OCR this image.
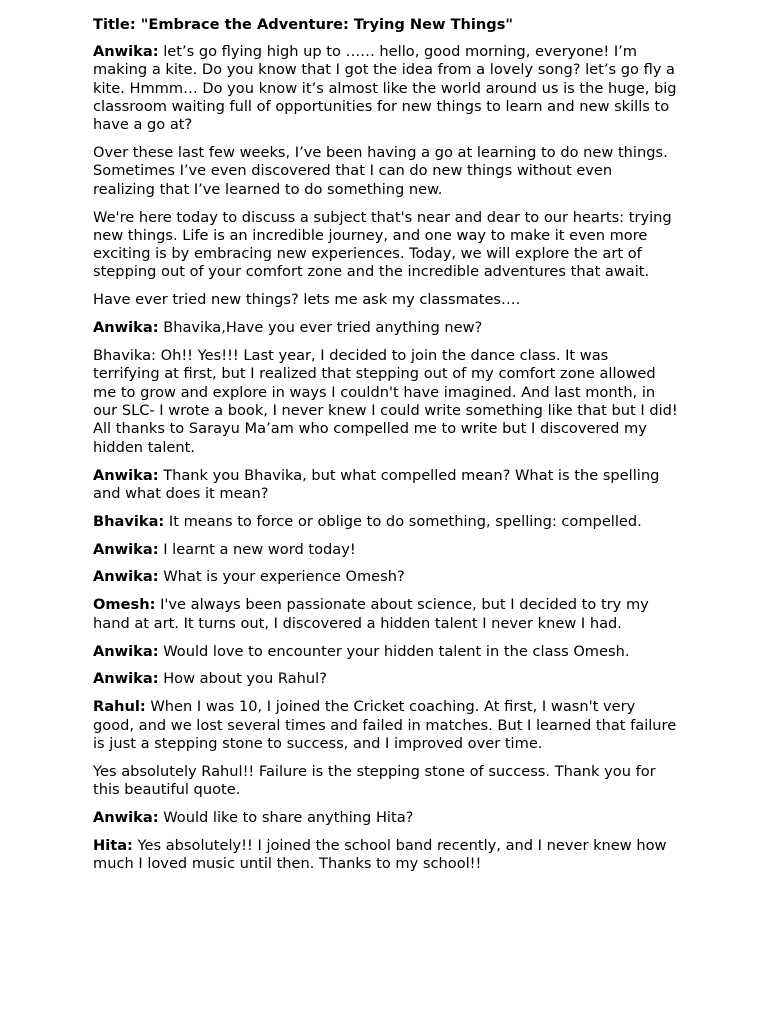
Title: "Embrace the Adventure: Trying New Things"

Anwika: let’s go flying high up to …… hello, good morning, everyone! I’m making a kite. Do you know that I got the idea from a lovely song? let’s go fly a kite. Hmmm… Do you know it’s almost like the world around us is the huge, big classroom waiting full of opportunities for new things to learn and new skills to have a go at?

Over these last few weeks, I’ve been having a go at learning to do new things. Sometimes I’ve even discovered that I can do new things without even realizing that I’ve learned to do something new.

We're here today to discuss a subject that's near and dear to our hearts: trying new things. Life is an incredible journey, and one way to make it even more exciting is by embracing new experiences. Today, we will explore the art of stepping out of your comfort zone and the incredible adventures that await.

Have ever tried new things? lets me ask my classmates….

Anwika: Bhavika,Have you ever tried anything new?

Bhavika: Oh!! Yes!!! Last year, I decided to join the dance class. It was terrifying at first, but I realized that stepping out of my comfort zone allowed me to grow and explore in ways I couldn't have imagined. And last month, in our SLC- I wrote a book, I never knew I could write something like that but I did! All thanks to Sarayu Ma’am who compelled me to write but I discovered my hidden talent.

Anwika: Thank you Bhavika, but what compelled mean? What is the spelling and what does it mean?

Bhavika: It means to force or oblige to do something, spelling: compelled.

Anwika: I learnt a new word today!

Anwika: What is your experience Omesh?

Omesh: I've always been passionate about science, but I decided to try my hand at art. It turns out, I discovered a hidden talent I never knew I had.

Anwika: Would love to encounter your hidden talent in the class Omesh.

Anwika: How about you Rahul?

Rahul: When I was 10, I joined the Cricket coaching. At first, I wasn't very good, and we lost several times and failed in matches. But I learned that failure is just a stepping stone to success, and I improved over time.

Yes absolutely Rahul!! Failure is the stepping stone of success. Thank you for this beautiful quote.

Anwika: Would like to share anything Hita?

Hita: Yes absolutely!! I joined the school band recently, and I never knew how much I loved music until then. Thanks to my school!!
